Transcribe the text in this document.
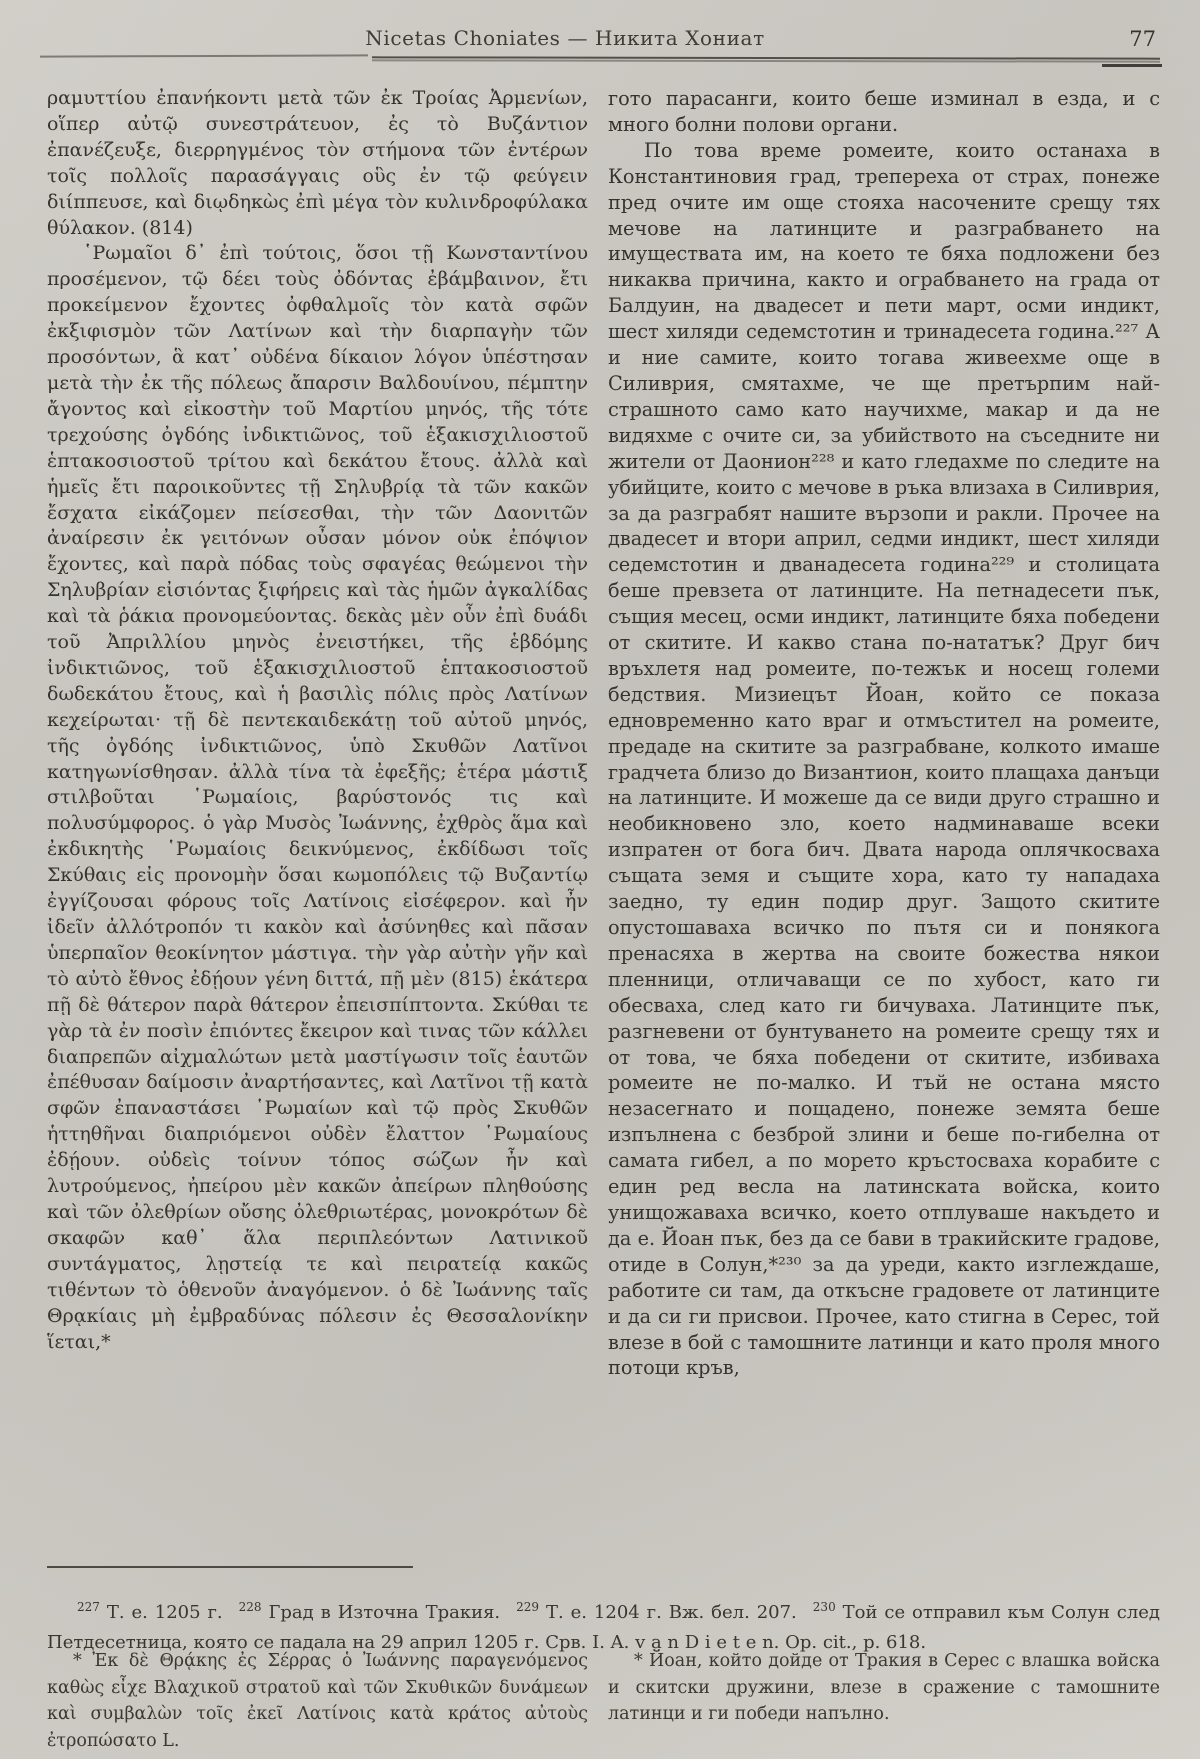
Nicetas Choniates — Никита Хониат	77

ραμυττίου ἐπανήκοντι μετὰ τῶν ἐκ Τροίας Ἀρμενίων, οἵπερ αὐτῷ συνεστράτευον, ἐς τὸ Βυζάντιον ἐπανέζευξε, διερρηγμένος τὸν στήμονα τῶν ἐντέρων τοῖς πολλοῖς παρασάγγαις οὓς ἐν τῷ φεύγειν διίππευσε, καὶ διῳδηκὼς ἐπὶ μέγα τὸν κυλινδροφύλακα θύλακον. (814)

῾Ρωμαῖοι δ᾽ ἐπὶ τούτοις, ὅσοι τῇ Κωνσταντίνου προσέμενον, τῷ δέει τοὺς ὀδόντας ἐβάμβαινον, ἔτι προκείμενον ἔχοντες ὀφθαλμοῖς τὸν κατὰ σφῶν ἐκξιφισμὸν τῶν Λατίνων καὶ τὴν διαρπαγὴν τῶν προσόντων, ἃ κατ᾽ οὐδένα δίκαιον λόγον ὑπέστησαν μετὰ τὴν ἐκ τῆς πόλεως ἄπαρσιν Βαλδουίνου, πέμπτην ἄγοντος καὶ εἰκοστὴν τοῦ Μαρτίου μηνός, τῆς τότε τρεχούσης ὀγδόης ἰνδικτιῶνος, τοῦ ἑξακισχιλιοστοῦ ἑπτακοσιοστοῦ τρίτου καὶ δεκάτου ἔτους. ἀλλὰ καὶ ἡμεῖς ἔτι παροικοῦντες τῇ Σηλυβρίᾳ τὰ τῶν κακῶν ἔσχατα εἰκάζομεν πείσεσθαι, τὴν τῶν Δαονιτῶν ἀναίρεσιν ἐκ γειτόνων οὖσαν μόνον οὐκ ἐπόψιον ἔχοντες, καὶ παρὰ πόδας τοὺς σφαγέας θεώμενοι τὴν Σηλυβρίαν εἰσιόντας ξιφήρεις καὶ τὰς ἡμῶν ἀγκαλίδας καὶ τὰ ῥάκια προνομεύοντας. δεκὰς μὲν οὖν ἐπὶ δυάδι τοῦ Ἀπριλλίου μηνὸς ἐνειστήκει, τῆς ἑβδόμης ἰνδικτιῶνος, τοῦ ἑξακισχιλιοστοῦ ἑπτακοσιοστοῦ δωδεκάτου ἔτους, καὶ ἡ βασιλὶς πόλις πρὸς Λατίνων κεχείρωται· τῇ δὲ πεντεκαιδεκάτῃ τοῦ αὐτοῦ μηνός, τῆς ὀγδόης ἰνδικτιῶνος, ὑπὸ Σκυθῶν Λατῖνοι κατηγωνίσθησαν. ἀλλὰ τίνα τὰ ἐφεξῆς; ἑτέρα μάστιξ στιλβοῦται ῾Ρωμαίοις, βαρύστονός τις καὶ πολυσύμφορος. ὁ γὰρ Μυσὸς Ἰωάννης, ἐχθρὸς ἅμα καὶ ἐκδικητὴς ῾Ρωμαίοις δεικνύμενος, ἐκδίδωσι τοῖς Σκύθαις εἰς προνομὴν ὅσαι κωμοπόλεις τῷ Βυζαντίῳ ἐγγίζουσαι φόρους τοῖς Λατίνοις εἰσέφερον. καὶ ἦν ἰδεῖν ἀλλότροπόν τι κακὸν καὶ ἀσύνηθες καὶ πᾶσαν ὑπερπαῖον θεοκίνητον μάστιγα. τὴν γὰρ αὐτὴν γῆν καὶ τὸ αὐτὸ ἔθνος ἐδῄουν γένη διττά, πῇ μὲν (815) ἑκάτερα πῇ δὲ θάτερον παρὰ θάτερον ἐπεισπίπτοντα. Σκύθαι τε γὰρ τὰ ἐν ποσὶν ἐπιόντες ἔκειρον καὶ τινας τῶν κάλλει διαπρεπῶν αἰχμαλώτων μετὰ μαστίγωσιν τοῖς ἑαυτῶν ἐπέθυσαν δαίμοσιν ἀναρτήσαντες, καὶ Λατῖνοι τῇ κατὰ σφῶν ἐπαναστάσει ῾Ρωμαίων καὶ τῷ πρὸς Σκυθῶν ἡττηθῆναι διαπριόμενοι οὐδὲν ἔλαττον ῾Ρωμαίους ἐδῄουν. οὐδεὶς τοίνυν τόπος σώζων ἦν καὶ λυτρούμενος, ἠπείρου μὲν κακῶν ἀπείρων πληθούσης καὶ τῶν ὀλεθρίων οὔσης ὀλεθριωτέρας, μονοκρότων δὲ σκαφῶν καθ᾽ ἅλα περιπλεόντων Λατινικοῦ συντάγματος, λῃστείᾳ τε καὶ πειρατείᾳ κακῶς τιθέντων τὸ ὁθενοῦν ἀναγόμενον. ὁ δὲ Ἰωάννης ταῖς Θρᾳκίαις μὴ ἐμβραδύνας πόλεσιν ἐς Θεσσαλονίκην ἵεται,*

гото парасанги, които беше изминал в езда, и с много болни полови органи.

По това време ромеите, които останаха в Константиновия град, трепереха от страх, понеже пред очите им още стояха насочените срещу тях мечове на латинците и разграбването на имуществата им, на което те бяха подложени без никаква причина, както и ограбването на града от Балдуин, на двадесет и пети март, осми индикт, шест хиляди седемстотин и тринадесета година.²²⁷ А и ние самите, които тогава живеехме още в Силиврия, смятахме, че ще претърпим най-страшното само като научихме, макар и да не видяхме с очите си, за убийството на съседните ни жители от Даонион²²⁸ и като гледахме по следите на убийците, които с мечове в ръка влизаха в Силиврия, за да разграбят нашите вързопи и ракли. Прочее на двадесет и втори април, седми индикт, шест хиляди седемстотин и дванадесета година²²⁹ и столицата беше превзета от латинците. На петнадесети пък, същия месец, осми индикт, латинците бяха победени от скитите. И какво стана по-нататък? Друг бич връхлетя над ромеите, по-тежък и носещ големи бедствия. Мизиецът Йоан, който се показа едновременно като враг и отмъстител на ромеите, предаде на скитите за разграбване, колкото имаше градчета близо до Византион, които плащаха данъци на латинците. И можеше да се види друго страшно и необикновено зло, което надминаваше всеки изпратен от бога бич. Двата народа оплячкосваха същата земя и същите хора, като ту нападаха заедно, ту един подир друг. Защото скитите опустошаваха всичко по пътя си и понякога пренасяха в жертва на своите божества някои пленници, отличаващи се по хубост, като ги обесваха, след като ги бичуваха. Латинците пък, разгневени от бунтуването на ромеите срещу тях и от това, че бяха победени от скитите, избиваха ромеите не по-малко. И тъй не остана място незасегнато и пощадено, понеже земята беше изпълнена с безброй злини и беше по-гибелна от самата гибел, а по морето кръстосваха корабите с един ред весла на латинската войска, които унищожаваха всичко, което отплуваше накъдето и да е. Йоан пък, без да се бави в тракийските градове, отиде в Солун,*²³⁰ за да уреди, както изглеждаше, работите си там, да откъсне градовете от латинците и да си ги присвои. Прочее, като стигна в Серес, той влезе в бой с тамошните латинци и като проля много потоци кръв,

$^{227}$ Т. е. 1205 г. $^{228}$ Град в Източна Тракия. $^{229}$ Т. е. 1204 г. Вж. бел. 207. $^{230}$ Той се отправил към Солун след Петдесетница, която се падала на 29 април 1205 г. Срв. I. A. v a n D i e t e n. Op. cit., p. 618.

* Ἐκ δὲ Θρᾴκης ἐς Σέρρας ὁ Ἰωάννης παραγενόμενος καθὼς εἶχε Βλαχικοῦ στρατοῦ καὶ τῶν Σκυθικῶν δυνάμεων καὶ συμβαλὼν τοῖς ἐκεῖ Λατίνοις κατὰ κράτος αὐτοὺς ἐτροπώσατο L.

* Йоан, който дойде от Тракия в Серес с влашка войска и скитски дружини, влезе в сражение с тамошните латинци и ги победи напълно.
